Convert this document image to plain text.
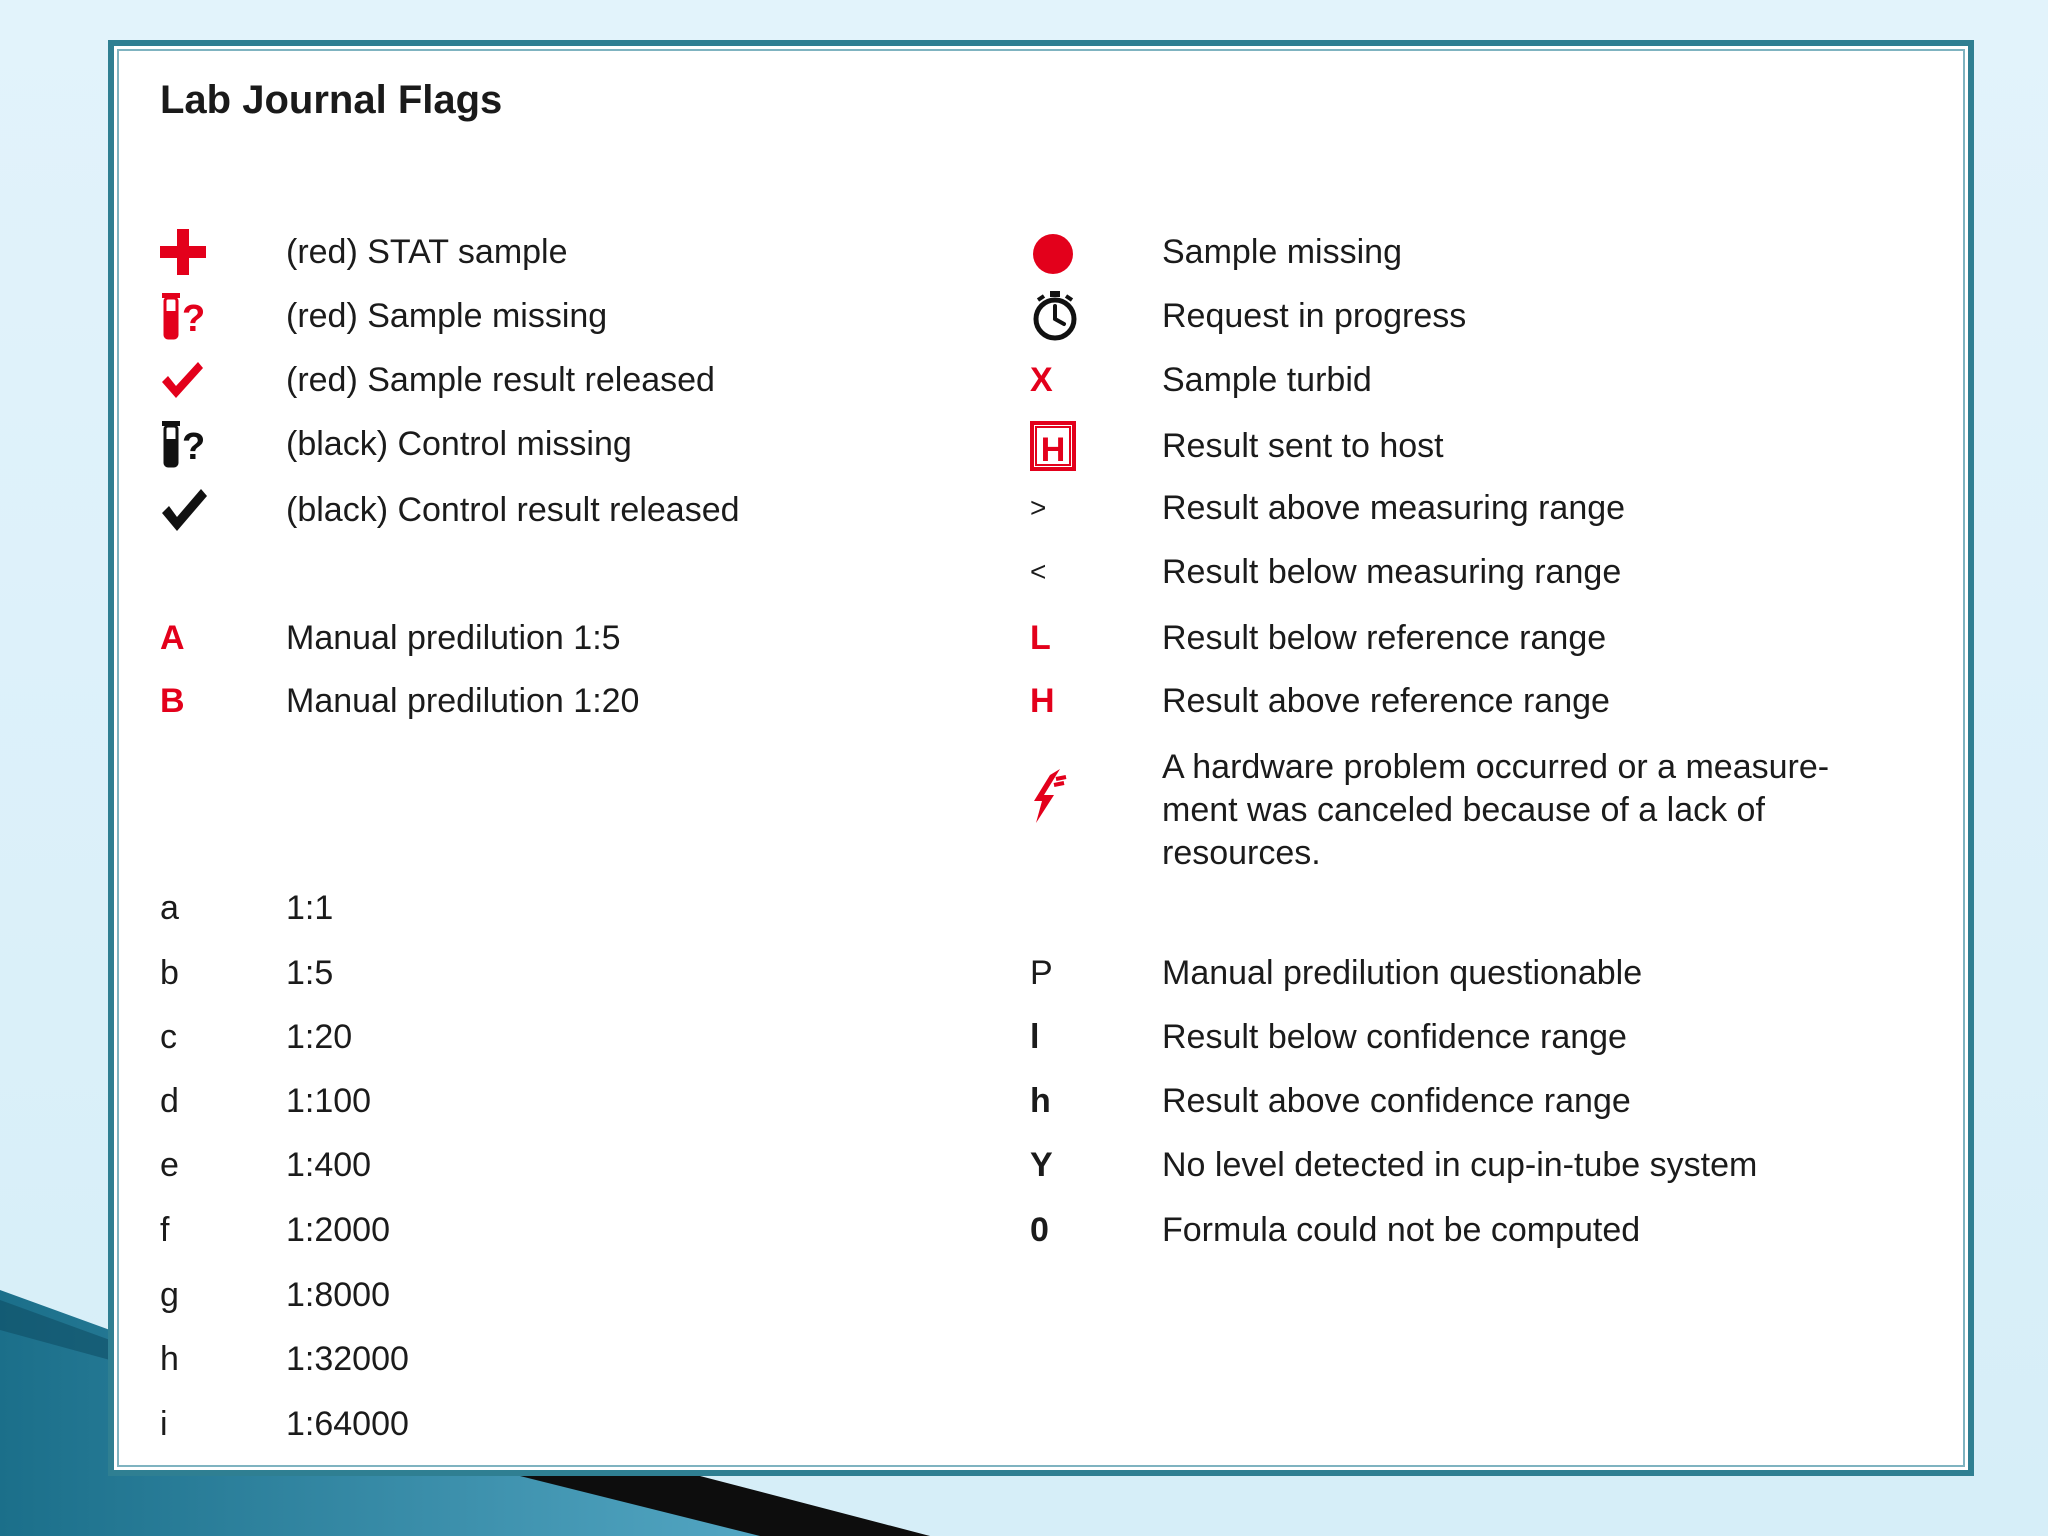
Lab Journal Flags
(red) STAT sample
? (red) Sample missing
(red) Sample result released
? (black) Control missing
(black) Control result released
A	Manual predilution 1:5
B	Manual predilution 1:20
a	1:1
b	1:5
c	1:20
d	1:100
e	1:400
f	1:2000
g	1:8000
h	1:32000
i	1:64000
Sample missing
Request in progress
X	Sample turbid
H	Result sent to host
>	Result above measuring range
<	Result below measuring range
L	Result below reference range
H	Result above reference range
A hardware problem occurred or a measure-
ment was canceled because of a lack of
resources.
P	Manual predilution questionable
l	Result below confidence range
h	Result above confidence range
Y	No level detected in cup-in-tube system
0	Formula could not be computed
